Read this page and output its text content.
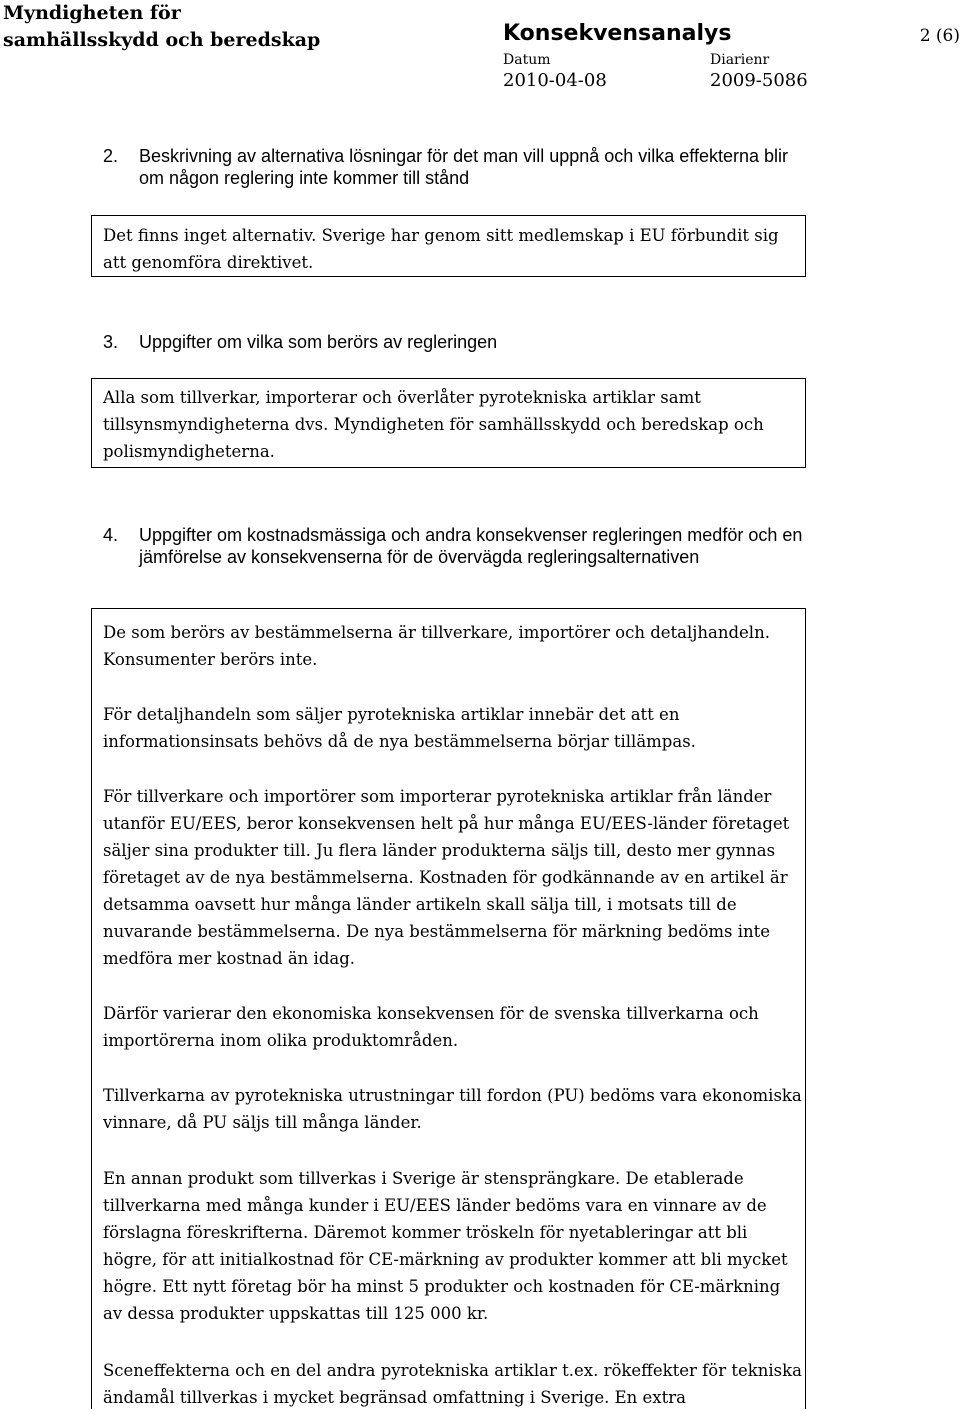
Myndigheten för
samhällsskydd och beredskap	Konsekvensanalys	2 (6)
Datum
2010-04-08
Diarienr
2009-5086
2.	Beskrivning av alternativa lösningar för det man vill uppnå och vilka effekterna blir om någon reglering inte kommer till stånd

Det finns inget alternativ. Sverige har genom sitt medlemskap i EU förbundit sig att genomföra direktivet.

3.	Uppgifter om vilka som berörs av regleringen

Alla som tillverkar, importerar och överlåter pyrotekniska artiklar samt tillsynsmyndigheterna dvs. Myndigheten för samhällsskydd och beredskap och polismyndigheterna.

4.	Uppgifter om kostnadsmässiga och andra konsekvenser regleringen medför och en jämförelse av konsekvenserna för de övervägda regleringsalternativen

De som berörs av bestämmelserna är tillverkare, importörer och detaljhandeln. Konsumenter berörs inte.

För detaljhandeln som säljer pyrotekniska artiklar innebär det att en informationsinsats behövs då de nya bestämmelserna börjar tillämpas.

För tillverkare och importörer som importerar pyrotekniska artiklar från länder utanför EU/EES, beror konsekvensen helt på hur många EU/EES-länder företaget säljer sina produkter till. Ju flera länder produkterna säljs till, desto mer gynnas företaget av de nya bestämmelserna. Kostnaden för godkännande av en artikel är detsamma oavsett hur många länder artikeln skall sälja till, i motsats till de nuvarande bestämmelserna. De nya bestämmelserna för märkning bedöms inte medföra mer kostnad än idag.

Därför varierar den ekonomiska konsekvensen för de svenska tillverkarna och importörerna inom olika produktområden.

Tillverkarna av pyrotekniska utrustningar till fordon (PU) bedöms vara ekonomiska vinnare, då PU säljs till många länder.

En annan produkt som tillverkas i Sverige är stensprängkare. De etablerade tillverkarna med många kunder i EU/EES länder bedöms vara en vinnare av de förslagna föreskrifterna. Däremot kommer tröskeln för nyetableringar att bli högre, för att initialkostnad för CE-märkning av produkter kommer att bli mycket högre. Ett nytt företag bör ha minst 5 produkter och kostnaden för CE-märkning av dessa produkter uppskattas till 125 000 kr.

Sceneffekterna och en del andra pyrotekniska artiklar t.ex. rökeffekter för tekniska ändamål tillverkas i mycket begränsad omfattning i Sverige. En extra
